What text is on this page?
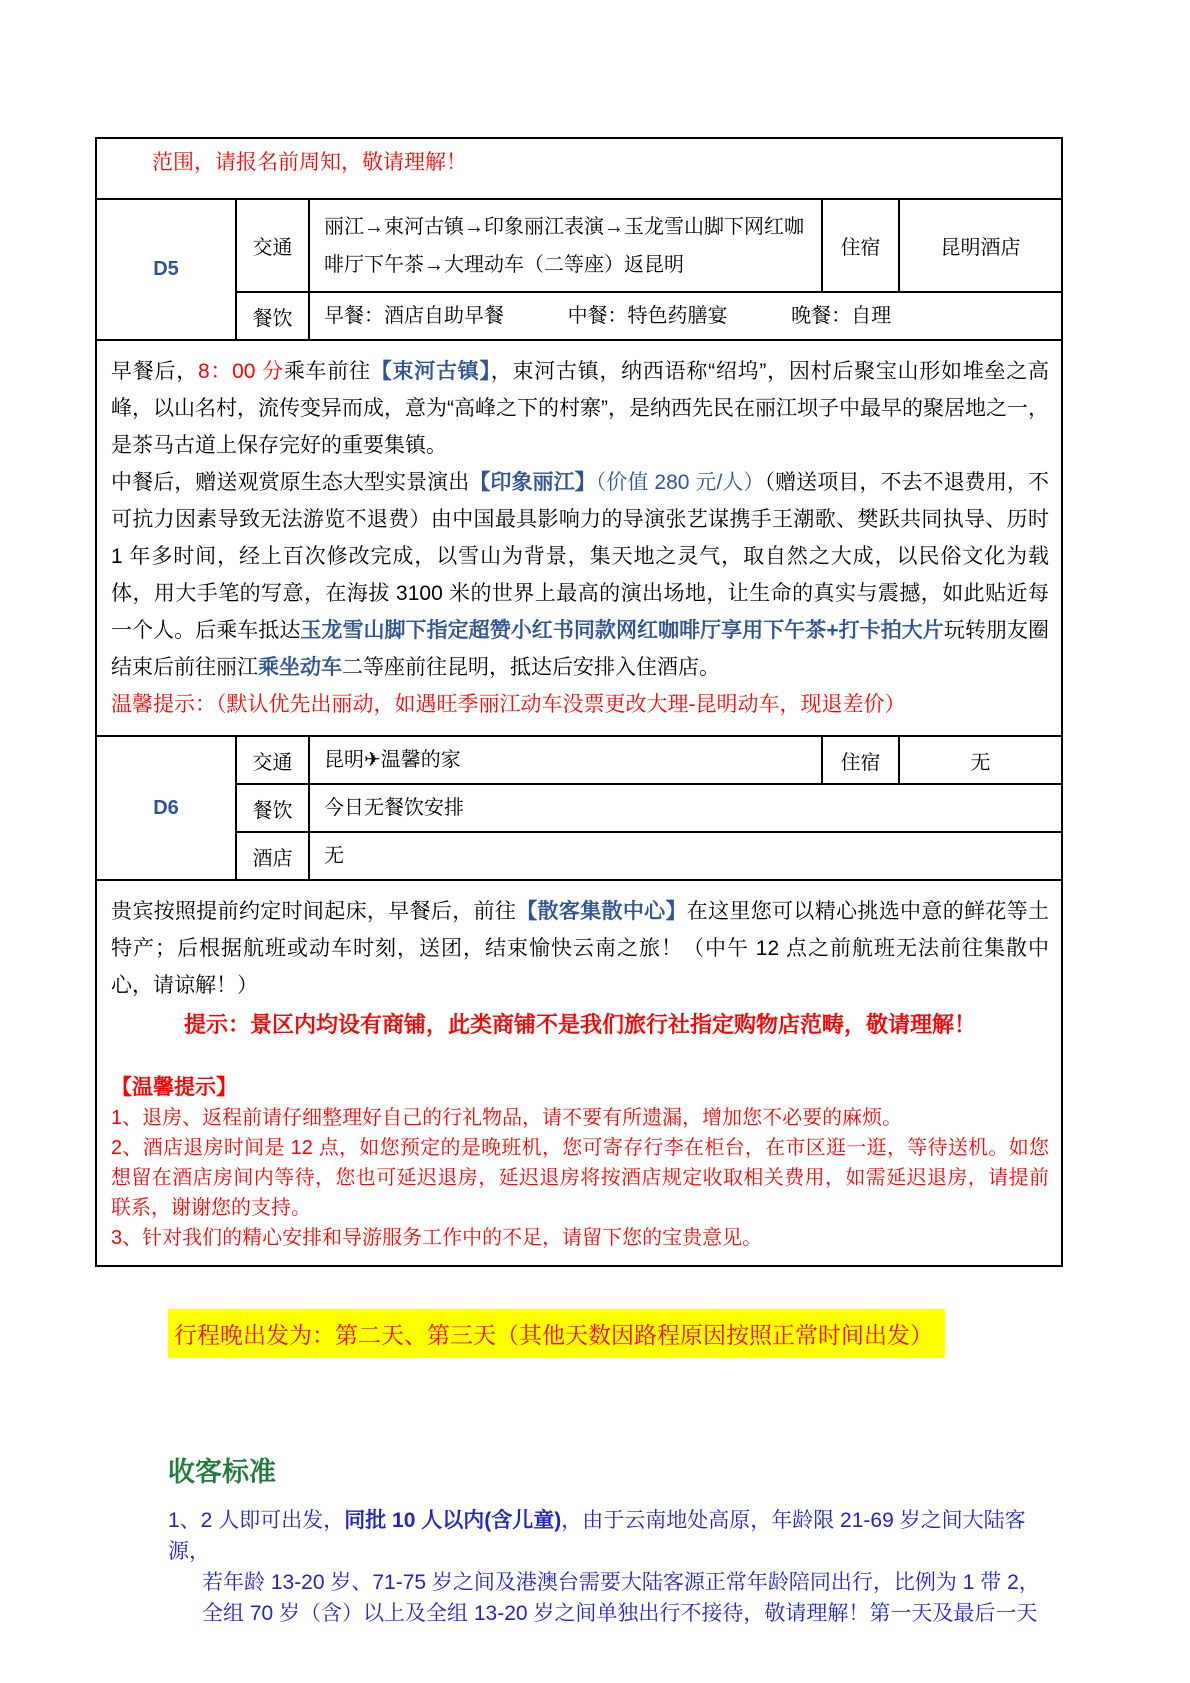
范围，请报名前周知，敬请理解！
D5	交通	丽江→束河古镇→印象丽江表演→玉龙雪山脚下网红咖啡厅下午茶→大理动车（二等座）返昆明	住宿	昆明酒店
	餐饮	早餐：酒店自助早餐 中餐：特色药膳宴 晚餐：自理		
早餐后，8：00 分乘车前往【束河古镇】，束河古镇，纳西语称“绍坞”，因村后聚宝山形如堆垒之高峰，以山名村，流传变异而成，意为“高峰之下的村寨”，是纳西先民在丽江坝子中最早的聚居地之一，是茶马古道上保存完好的重要集镇。
中餐后，赠送观赏原生态大型实景演出【印象丽江】（价值 280 元/人）（赠送项目，不去不退费用，不可抗力因素导致无法游览不退费）由中国最具影响力的导演张艺谋携手王潮歌、樊跃共同执导、历时 1 年多时间，经上百次修改完成，以雪山为背景，集天地之灵气，取自然之大成，以民俗文化为载体，用大手笔的写意，在海拔 3100 米的世界上最高的演出场地，让生命的真实与震撼，如此贴近每一个人。后乘车抵达玉龙雪山脚下指定超赞小红书同款网红咖啡厅享用下午茶+打卡拍大片玩转朋友圈 结束后前往丽江乘坐动车二等座前往昆明，抵达后安排入住酒店。
温馨提示：（默认优先出丽动，如遇旺季丽江动车没票更改大理-昆明动车，现退差价）
D6	交通	昆明✈温馨的家	住宿	无
	餐饮	今日无餐饮安排		
	酒店	无		
贵宾按照提前约定时间起床，早餐后，前往【散客集散中心】在这里您可以精心挑选中意的鲜花等土特产；后根据航班或动车时刻，送团，结束愉快云南之旅！（中午 12 点之前航班无法前往集散中心，请谅解！）
提示：景区内均设有商铺，此类商铺不是我们旅行社指定购物店范畴，敬请理解！
【温馨提示】
1、退房、返程前请仔细整理好自己的行礼物品，请不要有所遗漏，增加您不必要的麻烦。
2、酒店退房时间是 12 点，如您预定的是晚班机，您可寄存行李在柜台，在市区逛一逛，等待送机。如您想留在酒店房间内等待，您也可延迟退房，延迟退房将按酒店规定收取相关费用，如需延迟退房，请提前联系，谢谢您的支持。
3、针对我们的精心安排和导游服务工作中的不足，请留下您的宝贵意见。
行程晚出发为：第二天、第三天（其他天数因路程原因按照正常时间出发）
收客标准
1、2 人即可出发，同批 10 人以内(含儿童)，由于云南地处高原，年龄限 21-69 岁之间大陆客源，
若年龄 13-20 岁、71-75 岁之间及港澳台需要大陆客源正常年龄陪同出行，比例为 1 带 2，
全组 70 岁（含）以上及全组 13-20 岁之间单独出行不接待，敬请理解！第一天及最后一天
